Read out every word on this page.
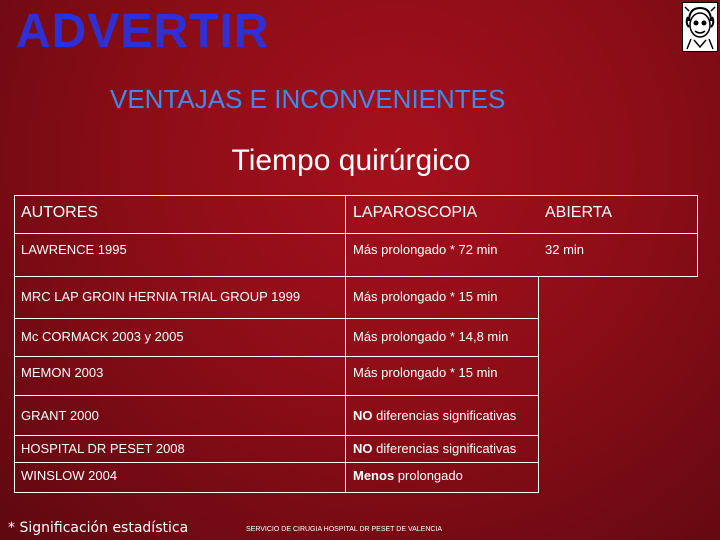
ADVERTIR
VENTAJAS E INCONVENIENTES
Tiempo quirúrgico
AUTORES	LAPAROSCOPIA	ABIERTA
LAWRENCE 1995	Más prolongado * 72 min	32 min
MRC LAP GROIN HERNIA TRIAL GROUP 1999	Más prolongado * 15 min
Mc CORMACK 2003 y 2005	Más prolongado * 14,8 min
MEMON 2003	Más prolongado * 15 min
GRANT 2000	NO diferencias significativas
HOSPITAL DR PESET 2008	NO diferencias significativas
WINSLOW 2004	Menos prolongado
* Significación estadística	SERVICIO DE CIRUGIA HOSPITAL DR PESET DE VALENCIA
